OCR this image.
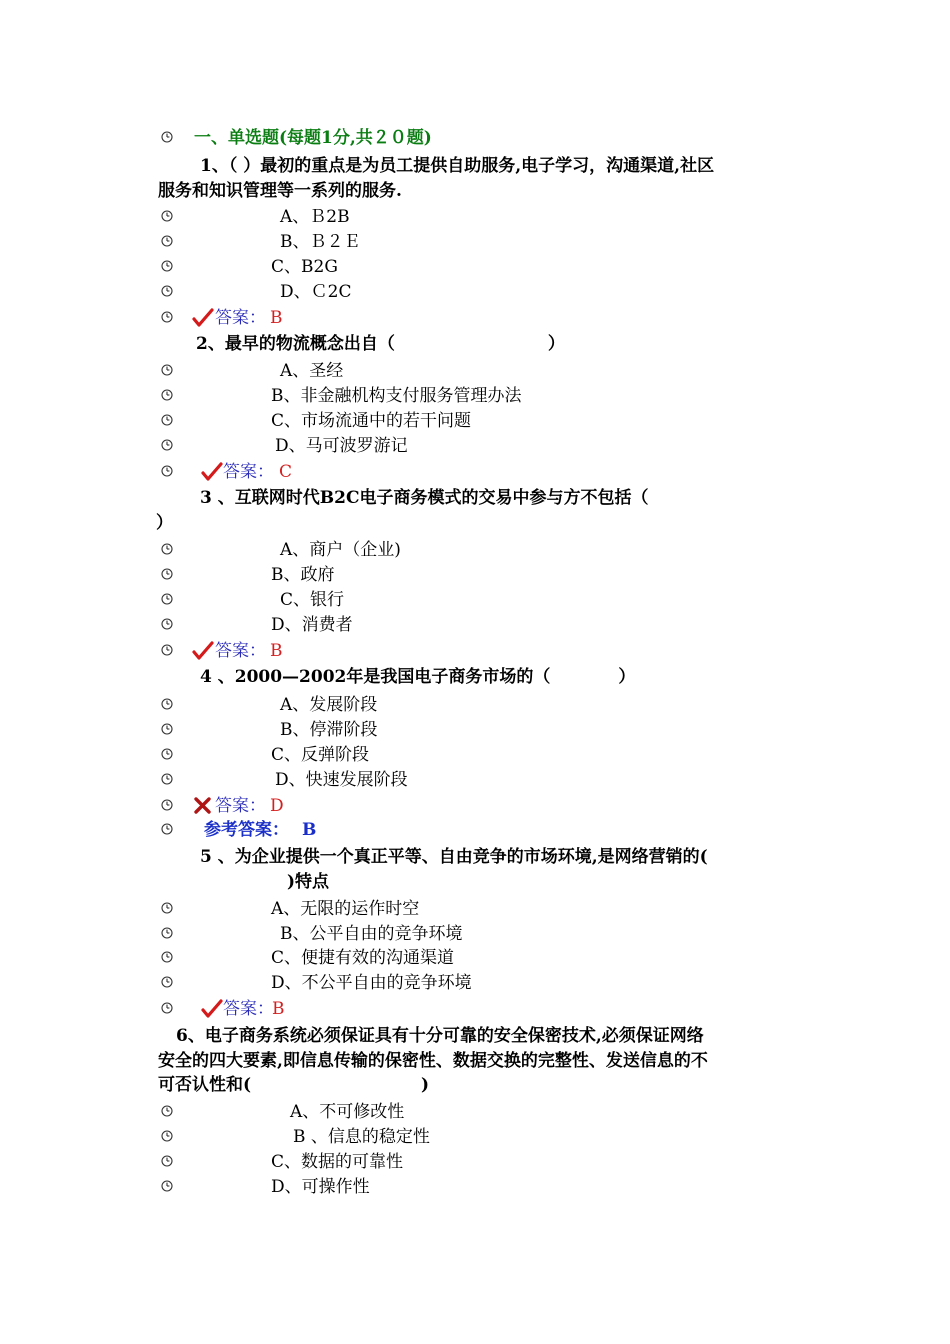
一、单选题(每题1分,共２０题)
1、（ ）最初的重点是为员工提供自助服务,电子学习，沟通渠道,社区
服务和知识管理等一系列的服务.
A、Ｂ2B
B、Ｂ２Ｅ
C、B2G
D、Ｃ2C
答案： B
2、最早的物流概念出自（　　　　　　　　　）
A、圣经
B、非金融机构支付服务管理办法
C、市场流通中的若干问题
D、马可波罗游记
答案： C
3 、互联网时代B2C电子商务模式的交易中参与方不包括（
）
A、商户（企业)
B、政府
C、银行
D、消费者
答案： B
4 、2000—2002年是我国电子商务市场的（　　　　）
A、发展阶段
B、停滞阶段
C、反弹阶段
D、快速发展阶段
答案： D
参考答案： B
5 、为企业提供一个真正平等、自由竞争的市场环境,是网络营销的(
)特点
A、无限的运作时空
B、公平自由的竞争环境
C、便捷有效的沟通渠道
D、不公平自由的竞争环境
答案：
B
6、电子商务系统必须保证具有十分可靠的安全保密技术,必须保证网络
安全的四大要素,即信息传输的保密性、数据交换的完整性、发送信息的不
可否认性和(　　　　　　　　　　)
A、不可修改性
B 、信息的稳定性
C、数据的可靠性
D、可操作性
